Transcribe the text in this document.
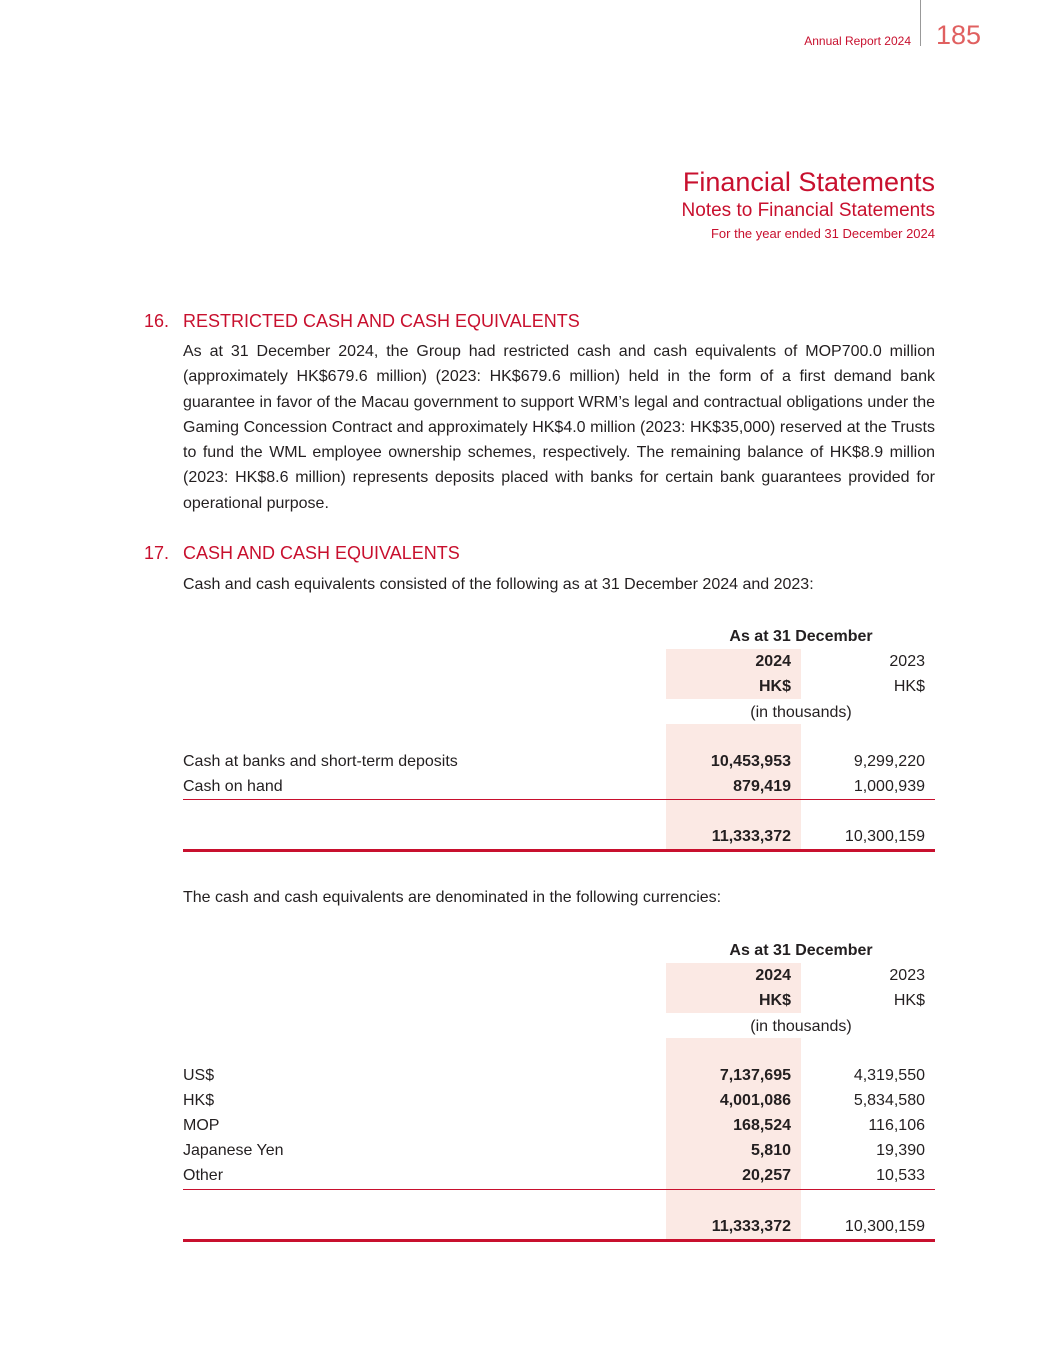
Annual Report 2024 185
Financial Statements
Notes to Financial Statements
For the year ended 31 December 2024
16. RESTRICTED CASH AND CASH EQUIVALENTS
As at 31 December 2024, the Group had restricted cash and cash equivalents of MOP700.0 million (approximately HK$679.6 million) (2023: HK$679.6 million) held in the form of a first demand bank guarantee in favor of the Macau government to support WRM’s legal and contractual obligations under the Gaming Concession Contract and approximately HK$4.0 million (2023: HK$35,000) reserved at the Trusts to fund the WML employee ownership schemes, respectively. The remaining balance of HK$8.9 million (2023: HK$8.6 million) represents deposits placed with banks for certain bank guarantees provided for operational purpose.
17. CASH AND CASH EQUIVALENTS
Cash and cash equivalents consisted of the following as at 31 December 2024 and 2023:
As at 31 December
2024	2023
HK$	HK$
(in thousands)
Cash at banks and short-term deposits	10,453,953	9,299,220
Cash on hand	879,419	1,000,939
11,333,372	10,300,159
The cash and cash equivalents are denominated in the following currencies:
As at 31 December
2024	2023
HK$	HK$
(in thousands)
US$	7,137,695	4,319,550
HK$	4,001,086	5,834,580
MOP	168,524	116,106
Japanese Yen	5,810	19,390
Other	20,257	10,533
11,333,372	10,300,159
